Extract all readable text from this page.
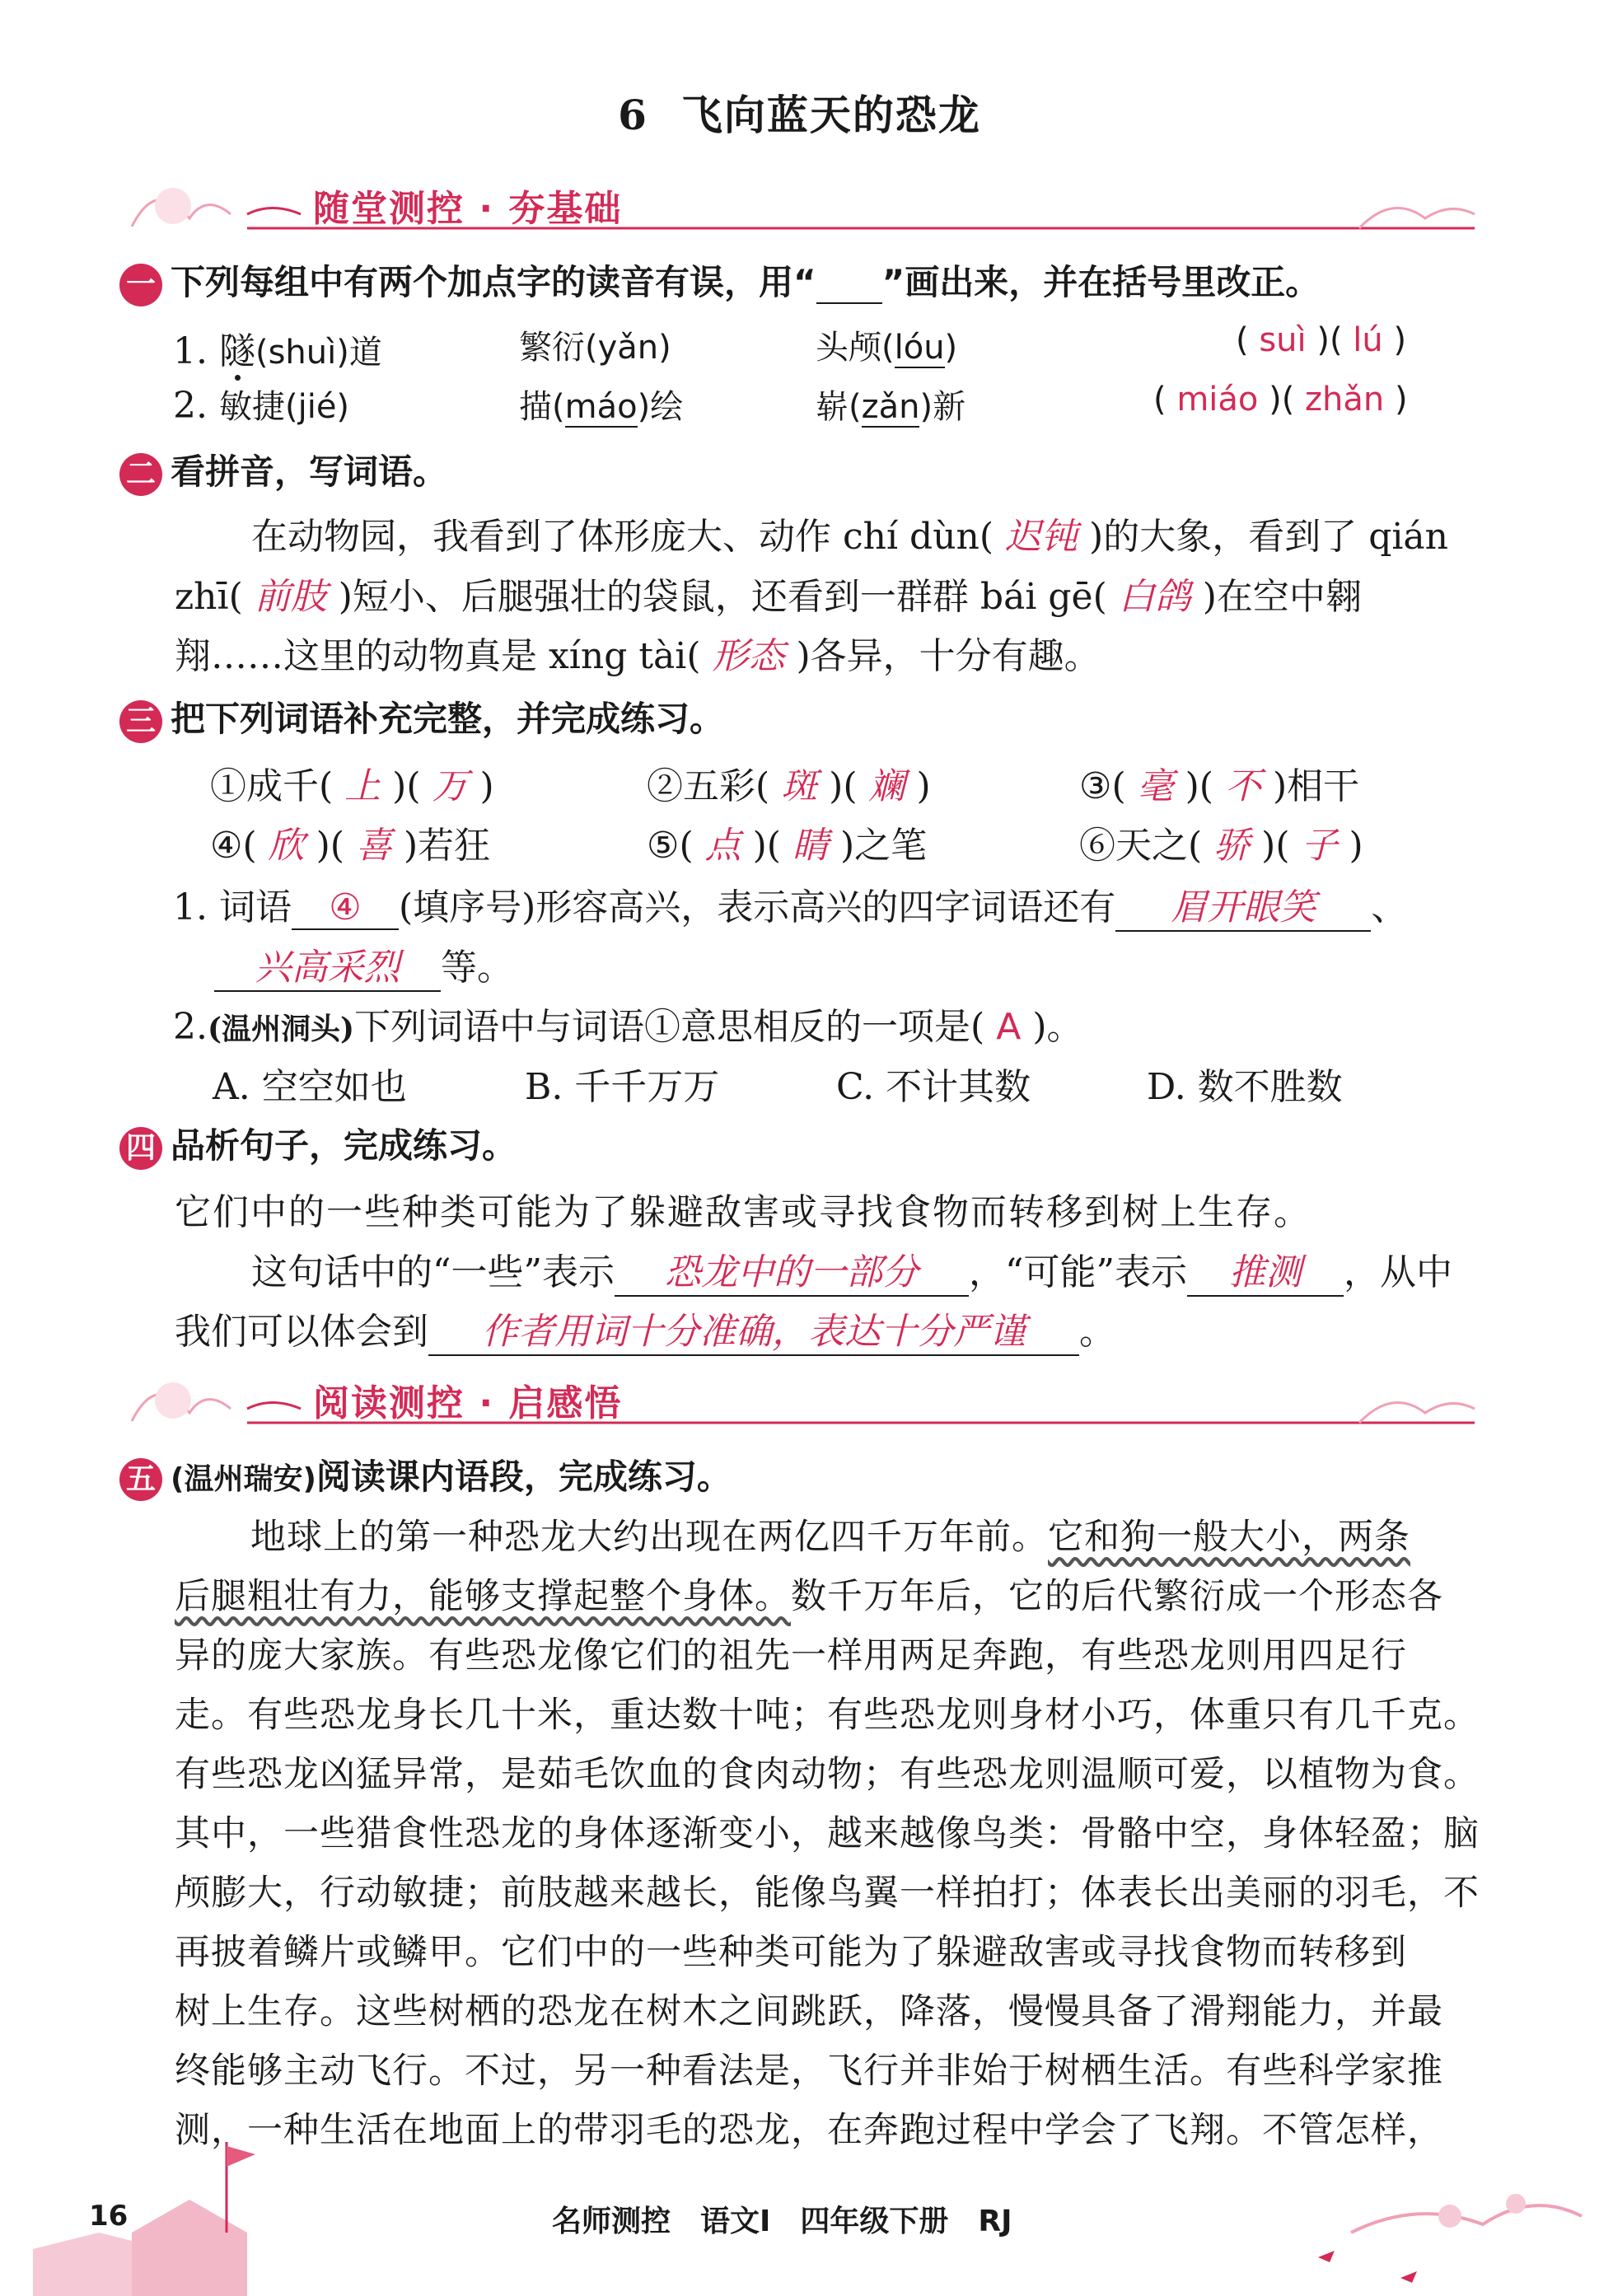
6 飞向蓝天的恐龙
随堂测控 · 夯基础
一 下列每组中有两个加点字的读音有误，用“ ”画出来，并在括号里改正。
1. 隧(shuì)道	繁衍(yǎn)	头颅(lóu)	( suì )( lú )
2. 敏捷(jié)	描(máo)绘	崭(zǎn)新	( miáo )( zhǎn )
二 看拼音，写词语。
在动物园，我看到了体形庞大、动作 chí dùn( 迟钝 )的大象，看到了 qián
zhī( 前肢 )短小、后腿强壮的袋鼠，还看到一群群 bái gē( 白鸽 )在空中翱
翔……这里的动物真是 xíng tài( 形态 )各异，十分有趣。
三 把下列词语补充完整，并完成练习。
①成千( 上 )( 万 )	②五彩( 斑 )( 斓 )	③( 毫 )( 不 )相干
④( 欣 )( 喜 )若狂	⑤( 点 )( 睛 )之笔	⑥天之( 骄 )( 子 )
1. 词语 ④ (填序号)形容高兴，表示高兴的四字词语还有 眉开眼笑 、
兴高采烈 等。
2.(温州洞头)下列词语中与词语①意思相反的一项是( A )。
A. 空空如也	B. 千千万万	C. 不计其数	D. 数不胜数
四 品析句子，完成练习。
它们中的一些种类可能为了躲避敌害或寻找食物而转移到树上生存。
这句话中的“一些”表示 恐龙中的一部分 ，“可能”表示 推测 ，从中
我们可以体会到 作者用词十分准确，表达十分严谨 。
阅读测控 · 启感悟
五 (温州瑞安)阅读课内语段，完成练习。
地球上的第一种恐龙大约出现在两亿四千万年前。它和狗一般大小，两条
后腿粗壮有力，能够支撑起整个身体。数千万年后，它的后代繁衍成一个形态各
异的庞大家族。有些恐龙像它们的祖先一样用两足奔跑，有些恐龙则用四足行
走。有些恐龙身长几十米，重达数十吨；有些恐龙则身材小巧，体重只有几千克。
有些恐龙凶猛异常，是茹毛饮血的食肉动物；有些恐龙则温顺可爱，以植物为食。
其中，一些猎食性恐龙的身体逐渐变小，越来越像鸟类：骨骼中空，身体轻盈；脑
颅膨大，行动敏捷；前肢越来越长，能像鸟翼一样拍打；体表长出美丽的羽毛，不
再披着鳞片或鳞甲。它们中的一些种类可能为了躲避敌害或寻找食物而转移到
树上生存。这些树栖的恐龙在树木之间跳跃，降落，慢慢具备了滑翔能力，并最
终能够主动飞行。不过，另一种看法是，飞行并非始于树栖生活。有些科学家推
测，一种生活在地面上的带羽毛的恐龙，在奔跑过程中学会了飞翔。不管怎样，
16	名师测控　语文Ⅰ　四年级下册　RJ
